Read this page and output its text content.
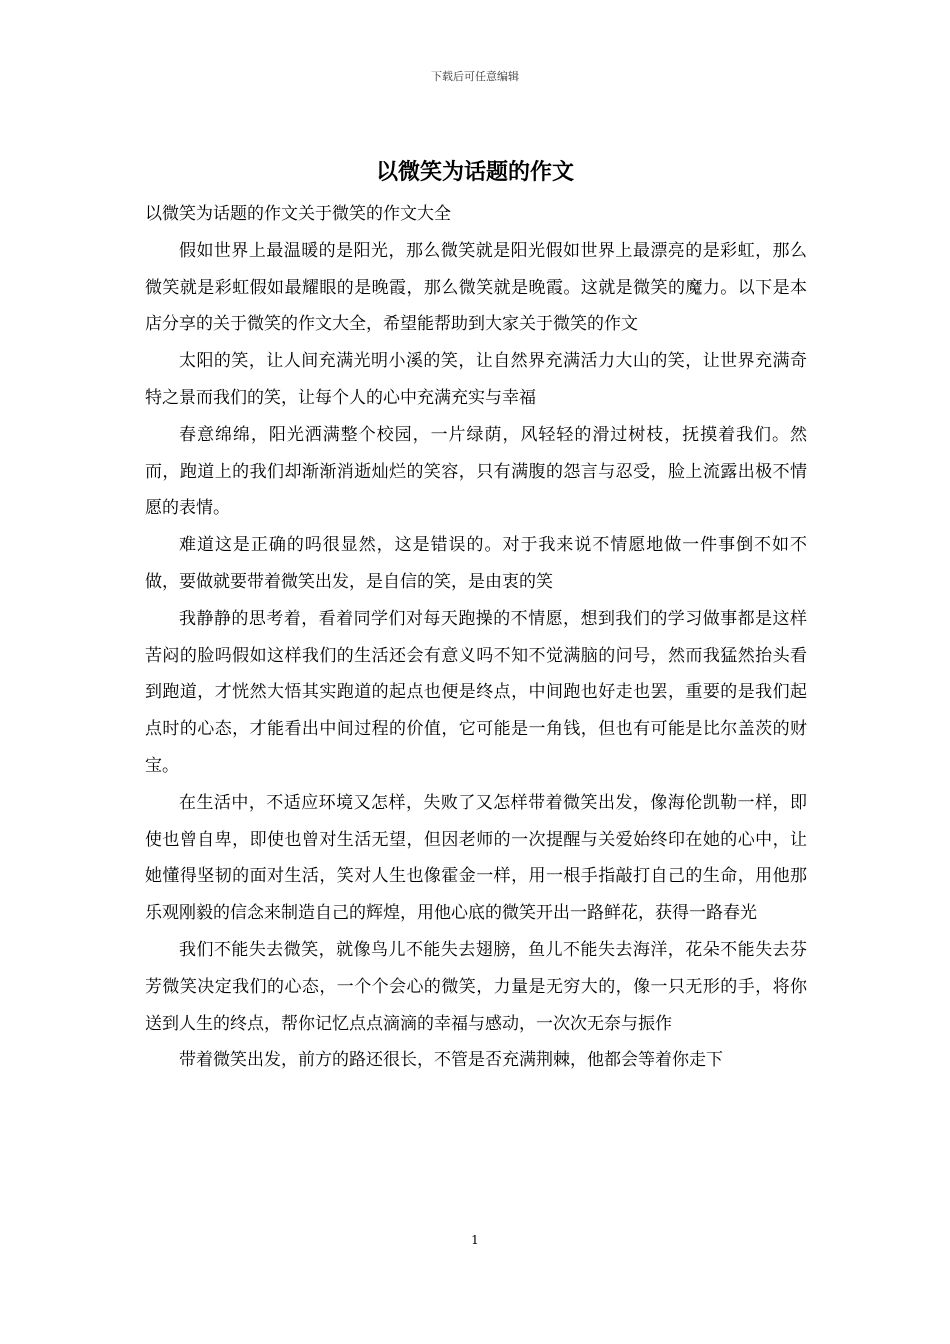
下载后可任意编辑
以微笑为话题的作文

以微笑为话题的作文关于微笑的作文大全

假如世界上最温暖的是阳光，那么微笑就是阳光假如世界上最漂亮的是彩虹，那么微笑就是彩虹假如最耀眼的是晚霞，那么微笑就是晚霞。这就是微笑的魔力。以下是本店分享的关于微笑的作文大全，希望能帮助到大家关于微笑的作文

太阳的笑，让人间充满光明小溪的笑，让自然界充满活力大山的笑，让世界充满奇特之景而我们的笑，让每个人的心中充满充实与幸福

春意绵绵，阳光洒满整个校园，一片绿荫，风轻轻的滑过树枝，抚摸着我们。然而，跑道上的我们却渐渐消逝灿烂的笑容，只有满腹的怨言与忍受，脸上流露出极不情愿的表情。

难道这是正确的吗很显然，这是错误的。对于我来说不情愿地做一件事倒不如不做，要做就要带着微笑出发，是自信的笑，是由衷的笑

我静静的思考着，看着同学们对每天跑操的不情愿，想到我们的学习做事都是这样苦闷的脸吗假如这样我们的生活还会有意义吗不知不觉满脑的问号，然而我猛然抬头看到跑道，才恍然大悟其实跑道的起点也便是终点，中间跑也好走也罢，重要的是我们起点时的心态，才能看出中间过程的价值，它可能是一角钱，但也有可能是比尔盖茨的财宝。

在生活中，不适应环境又怎样，失败了又怎样带着微笑出发，像海伦凯勒一样，即使也曾自卑，即使也曾对生活无望，但因老师的一次提醒与关爱始终印在她的心中，让她懂得坚韧的面对生活，笑对人生也像霍金一样，用一根手指敲打自己的生命，用他那乐观刚毅的信念来制造自己的辉煌，用他心底的微笑开出一路鲜花，获得一路春光

我们不能失去微笑，就像鸟儿不能失去翅膀，鱼儿不能失去海洋，花朵不能失去芬芳微笑决定我们的心态，一个个会心的微笑，力量是无穷大的，像一只无形的手，将你送到人生的终点，帮你记忆点点滴滴的幸福与感动，一次次无奈与振作

带着微笑出发，前方的路还很长，不管是否充满荆棘，他都会等着你走下

1
